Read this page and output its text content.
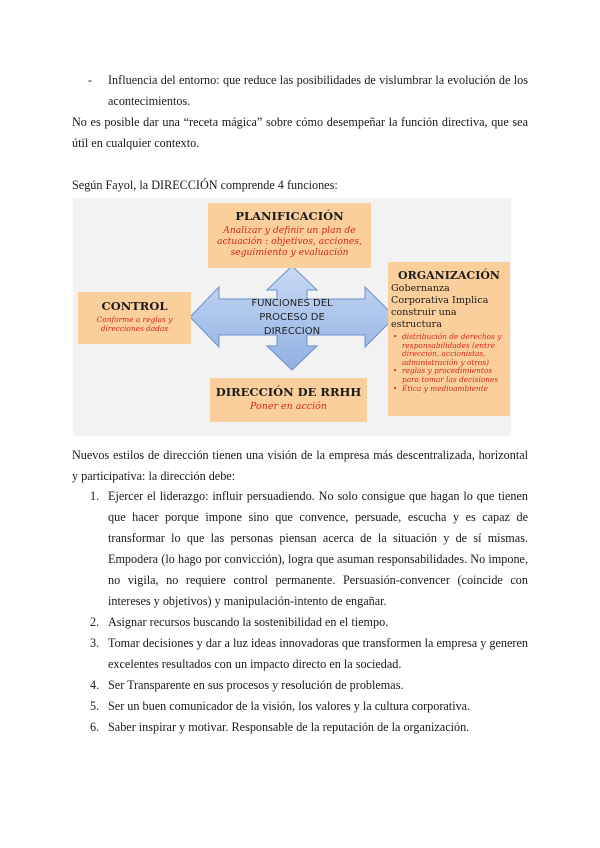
- Influencia del entorno: que reduce las posibilidades de vislumbrar la evolución de los acontecimientos.
No es posible dar una “receta mágica” sobre cómo desempeñar la función directiva, que sea útil en cualquier contexto.
Según Fayol, la DIRECCIÓN comprende 4 funciones:
PLANIFICACIÓN
Analizar y definir un plan de actuación : objetivos, acciones, seguimiento y evaluación
CONTROL
Conforme a reglas y direcciones dadas
FUNCIONES DEL PROCESO DE DIRECCION
ORGANIZACIÓN
Gobernanza Corporativa Implica construir una estructura
• distribución de derechos y responsabilidades (entre dirección, accionistas, administración y otros)
• reglas y procedimientos para tomar las decisiones
• Ética y medioambiente
DIRECCIÓN DE RRHH
Poner en acción
Nuevos estilos de dirección tienen una visión de la empresa más descentralizada, horizontal y participativa: la dirección debe:
1. Ejercer el liderazgo: influir persuadiendo. No solo consigue que hagan lo que tienen que hacer porque impone sino que convence, persuade, escucha y es capaz de transformar lo que las personas piensan acerca de la situación y de sí mismas. Empodera (lo hago por convicción), logra que asuman responsabilidades. No impone, no vigila, no requiere control permanente. Persuasión-convencer (coincide con intereses y objetivos) y manipulación-intento de engañar.
2. Asignar recursos buscando la sostenibilidad en el tiempo.
3. Tomar decisiones y dar a luz ideas innovadoras que transformen la empresa y generen excelentes resultados con un impacto directo en la sociedad.
4. Ser Transparente en sus procesos y resolución de problemas.
5. Ser un buen comunicador de la visión, los valores y la cultura corporativa.
6. Saber inspirar y motivar. Responsable de la reputación de la organización.
